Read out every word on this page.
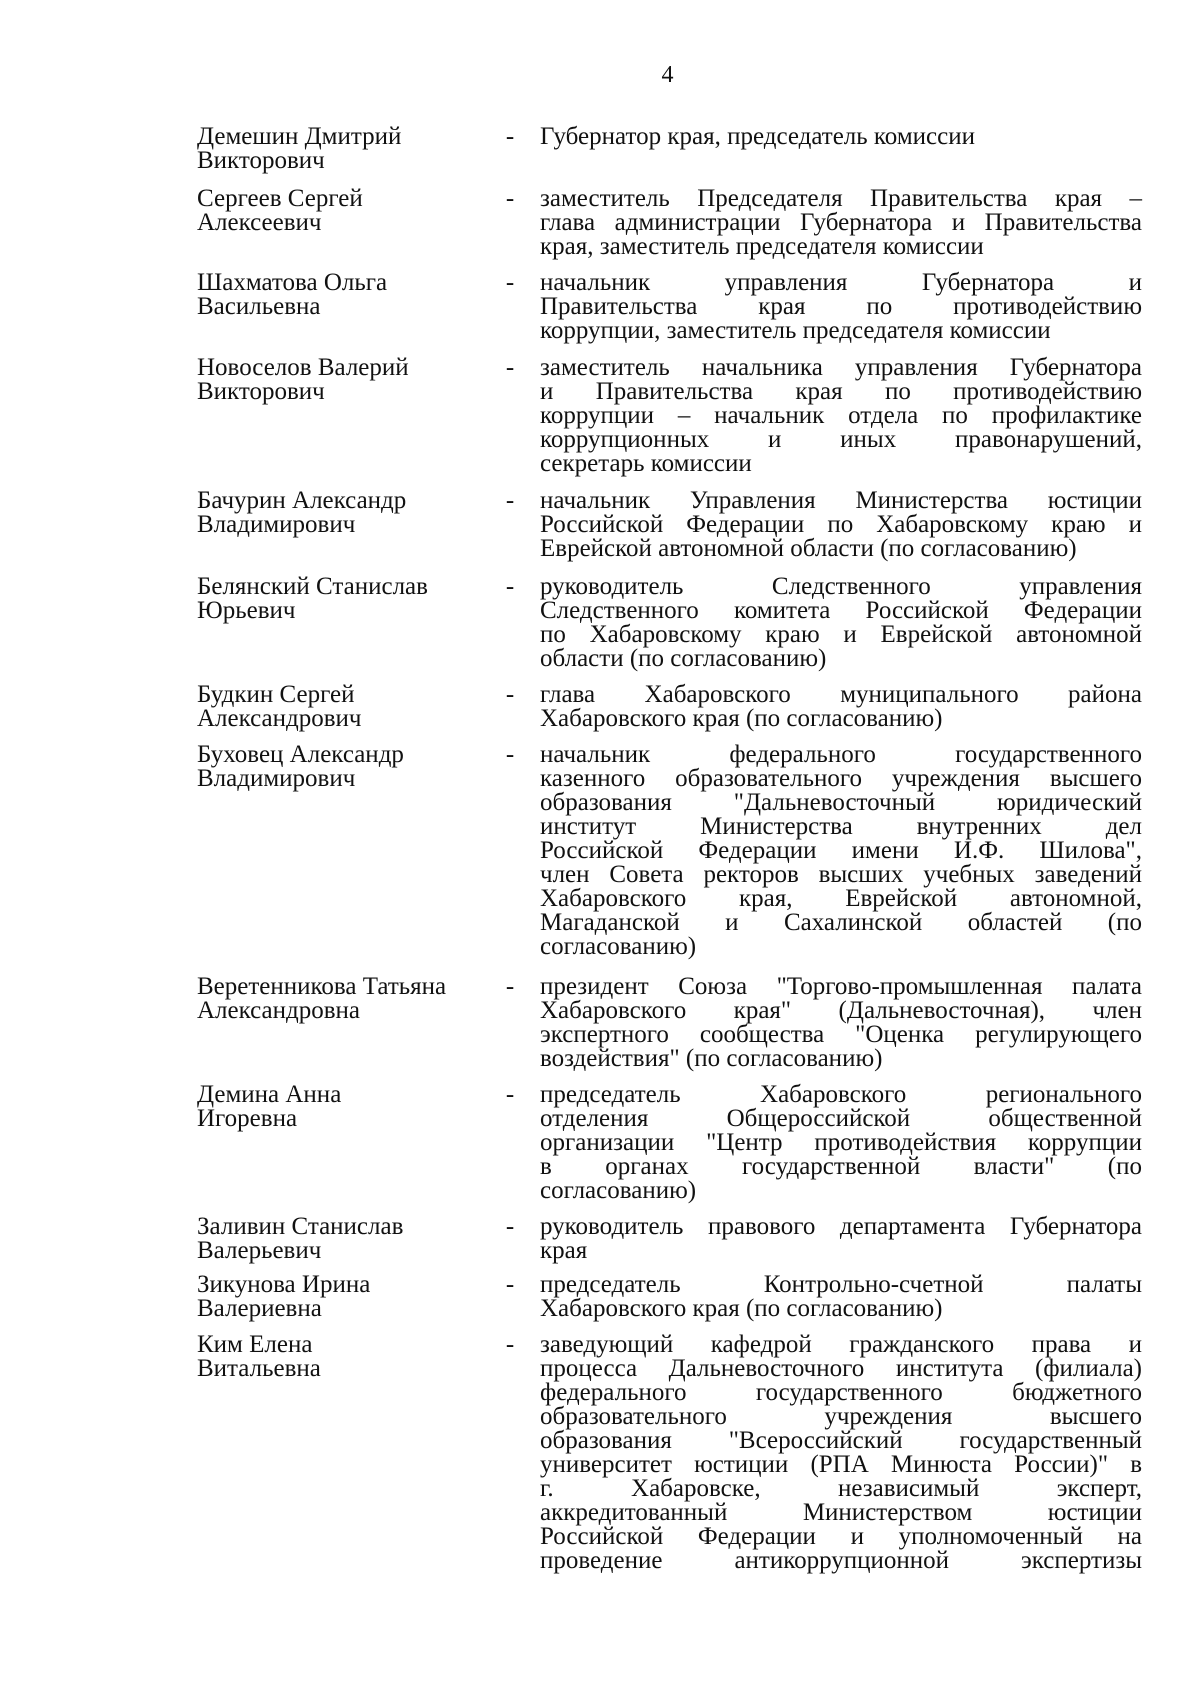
4
Демешин Дмитрий
Викторович
- Губернатор края, председатель комиссии
Сергеев Сергей
Алексеевич
- заместитель Председателя Правительства края –
глава администрации Губернатора и Правительства
края, заместитель председателя комиссии
Шахматова Ольга
Васильевна
- начальник управления Губернатора и
Правительства края по противодействию
коррупции, заместитель председателя комиссии
Новоселов Валерий
Викторович
- заместитель начальника управления Губернатора
и Правительства края по противодействию
коррупции – начальник отдела по профилактике
коррупционных и иных правонарушений,
секретарь комиссии
Бачурин Александр
Владимирович
- начальник Управления Министерства юстиции
Российской Федерации по Хабаровскому краю и
Еврейской автономной области (по согласованию)
Белянский Станислав
Юрьевич
- руководитель Следственного управления
Следственного комитета Российской Федерации
по Хабаровскому краю и Еврейской автономной
области (по согласованию)
Будкин Сергей
Александрович
- глава Хабаровского муниципального района
Хабаровского края (по согласованию)
Буховец Александр
Владимирович
- начальник федерального государственного
казенного образовательного учреждения высшего
образования "Дальневосточный юридический
институт Министерства внутренних дел
Российской Федерации имени И.Ф. Шилова",
член Совета ректоров высших учебных заведений
Хабаровского края, Еврейской автономной,
Магаданской и Сахалинской областей (по
согласованию)
Веретенникова Татьяна
Александровна
- президент Союза "Торгово-промышленная палата
Хабаровского края" (Дальневосточная), член
экспертного сообщества "Оценка регулирующего
воздействия" (по согласованию)
Демина Анна
Игоревна
- председатель Хабаровского регионального
отделения Общероссийской общественной
организации "Центр противодействия коррупции
в органах государственной власти" (по
согласованию)
Заливин Станислав
Валерьевич
- руководитель правового департамента Губернатора
края
Зикунова Ирина
Валериевна
- председатель Контрольно-счетной палаты
Хабаровского края (по согласованию)
Ким Елена
Витальевна
- заведующий кафедрой гражданского права и
процесса Дальневосточного института (филиала)
федерального государственного бюджетного
образовательного учреждения высшего
образования "Всероссийский государственный
университет юстиции (РПА Минюста России)" в
г. Хабаровске, независимый эксперт,
аккредитованный Министерством юстиции
Российской Федерации и уполномоченный на
проведение антикоррупционной экспертизы
